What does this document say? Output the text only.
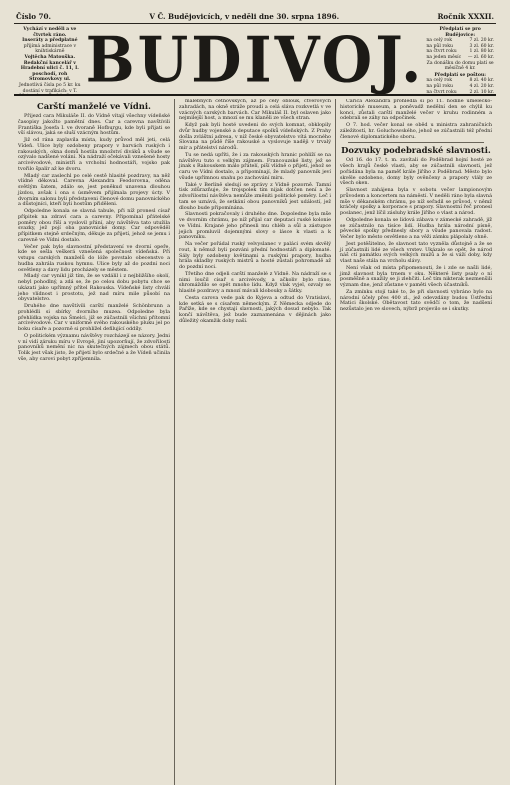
Číslo 70.	V Č. Budějovicích, v neděli dne 30. srpna 1896.	Ročník XXXII.
Vychází v neděli a ve čtvrtek ráno.
Inseráty a předplatné
přijímá administrace v knihtiskárně
Vojtěcha Matouška.
Redakční kancelář v Hradební ulici č. 11, I. poschodí, roh Stromovkovy ul.
Jednotlivá čísla po 5 kr. ku dostání v trafikách: v T. BUDIVOJ.	Předplatí se pro Budějovice:
na celý rok	7 zl. 20 kr.
na půl roku	3 zl. 60 kr.
na čtvrt roku	1 zl. 80 kr.
na jeden měsíc — zl. 60 kr.
Za donášku do domu platí se měsíčně 4 kr.
Předplatí se poštou:
na celý rok	8 zl. 40 kr.
na půl roku	4 zl. 20 kr.
na čtvrt roku	2 zl. 10 kr.
Carští manželé ve Vídni.

Přijezd cara Mikuláše II. do Vídně vítají všechny vídeňské časopisy jakožto pamětní dnes. Car a carevna navštívili Františka Josefa I. ve dvoraně Hofburgu, kde byli přijati se vší slávou, jaká se sluší vzácným hostům.

Již od rána zaplavila místa, kudy průvod měl jeti, celá Vídeň. Ulice byly ozdobeny prapory v barvách ruských i rakouských, okna domů hostila množství diváků a všude se ozývalo nadšené volání. Na nádraží očekávali vznešené hosty arcivévodové, ministři a vrcholní hodnostáři, vojsko pak tvořilo špalír až ke dvoru.

Mladý car zaslechl po celé cestě hlasité pozdravy, na něž vlídně děkoval. Carevna Alexandra Feodorovna, oděna světlým šatem, zdálo se, jest poněkud unavena dlouhou jízdou, avšak i ona s úsměvem přijímala projevy úcty. V dvorním salonu byli představeni členové domu panovnického a důstojníci, kteří byli hostům přiděleni.

Odpoledne konala se slavná tabule, při níž pronesl císař přípitek na zdraví cara a carevny. Připomínal přátelské poměry obou říší a vyslovil přání, aby návštěva tato utužila svazky, jež pojí oba panovnické domy. Car odpověděl přípitkem stejně srdečným, děkuje za přijetí, jehož se jemu i carevně ve Vídni dostalo.

Večer pak bylo slavnostní představení ve dvorní opeře, kde se sešla veškerá vznešená společnost vídeňská. Při vstupu carských manželů do lóže povstalo obecenstvo a hudba zahrála ruskou hymnu. Ulice byly až do pozdní noci osvětleny a davy lidu procházely se městem.

Mladý car vynikl již tím, že se vzdálil i z nejbližšího okolí, nebyl pohodlný, a zdá se, že po celou dobu pobytu chce se ukázati jako upřímný přítel Rakouska. Vídeňské listy chválí jeho vlídnost i prostotu, jež nad míru mile působí na obyvatelstvo.

Druhého dne navštívili carští manželé Schönbrunn a prohlédli si sbírky dvorního muzea. Odpoledne byla přehlídka vojska na Šmelci, jíž se zúčastnili všichni přítomní arcivévodové. Car v uniformě svého rakouského pluku jel po boku císaře a pozorně si prohlížel defilující oddíly.

O politickém významu návštěvy rozcházejí se názory. Jedni v ní vidí záruku míru v Evropě, jiní upozorňují, že zdvořilosti panovníků nemění nic na skutečných zájmech obou států. Tolik jest však jisto, že přijetí bylo srdečné a že Vídeň učinila vše, aby carovi pobyt zpříjemnila.

malebných četnovských, až po celý oblouk, čtverových zahradách, na okně stráže proudí a celá sláva rozkvetlá v ve vzácných carských barvách. Car Mikuláš II. byl oslaven jako nejmilejší host, a mnozí se mu klaněli ze všech stran.

Když pak byli hosté uvedeni do svých komnat, obklopily dvůr hudby vojenské a deputace spolků vídeňských. Z Prahy došla zvláštní adresa, v níž české obyvatelstvo vítá mocného Slovana na půdě říše rakouské a vyslovuje naději v trvalý mír a přátelství národů.

Tu se nedá upříti, že i za rakouských hranic pohlíží se na návštěvu tuto s velkým zájmem. Francouzské listy, jež se jinak s Rakouskem málo přátelí, píší vlídně o přijetí, jehož se caru ve Vídni dostalo, a připomínají, že mladý panovník jeví všude upřímnou snahu po zachování míru.

Také v Berlíně sledují se zprávy z Vídně pozorně. Tamní tisk zdůrazňuje, že trojspolek tím nijak dotčen není a že zdvořilostní návštěva nemůže změniti politické poměry. Leč i tam se uznává, že setkání obou panovníků jest událostí, jež dlouho bude připomínána.

Slavnosti pokračovaly i druhého dne. Dopoledne byla mše ve dvorním chrámu, po níž přijal car deputaci ruské kolonie ve Vídni. Krajané jeho přinesli mu chléb a sůl a zástupce jejich promluvil dojemnými slovy o lásce k vlasti a k panovníku.

Na večer pořádal ruský velvyslanec v paláci svém skvělý rout, k němuž byli pozváni přední hodnostáři a diplomaté. Sály byly ozdobeny květinami a ruskými prapory, hudba hrála skladby ruských mistrů a hosté zůstali pohromadě až do pozdní noci.

Třetího dne odjeli carští manželé z Vídně. Na nádraží se s nimi loučil císař s arcivévody, a ačkoliv bylo ráno, shromáždilo se opět mnoho lidu. Když vlak vyjel, ozvaly se hlasité pozdravy a mnozí mávali klobouky a šátky.

Cesta carova vede pak do Kyjeva a odtud do Vratislavi, kde setká se s císařem německým. Z Německa odjede do Paříže, kde se chystají slavnosti, jakých dosud nebylo. Tak končí návštěva, jež bude zaznamenána v dějinách jako důležitý okamžik doby naší.

Carica Alexandra prohlédla si po 11. hodině umělecko-historické museum, a poněvadž nedělní den se chýlil ku konci, zůstali carští manželé večer v kruhu rodinném a odebrali se záhy na odpočinek.

O 7. hod. večer konal se oběd u ministra zahraničních záležitostí, hr. Goluchowského, jehož se zúčastnili též přední členové diplomatického sboru.

Dozvuky podebradské slavnosti.

Od 16. do 17. t. m. zavítali do Poděbrad hojní hosté ze všech krajů české vlasti, aby se zúčastnili slavnosti, jež pořádána byla na paměť krále Jiřího z Poděbrad. Město bylo skvěle ozdobeno, domy byly ověnčeny a prapory vlály ze všech oken.

Slavnost zahájena byla v sobotu večer lampionovým průvodem a koncertem na náměstí. V neděli ráno byla slavná mše v děkanském chrámu, po níž seřadil se průvod, v němž kráčely spolky a korporace s prapory. Slavnostní řeč pronesl poslanec, jenž líčil zásluhy krále Jiřího o vlast a národ.

Odpoledne konala se lidová zábava v zámecké zahradě, jíž se zúčastnilo na tisíce lidí. Hudba hrála národní písně, pěvecké spolky přednesly sbory a všude panovala radost. Večer bylo město osvětleno a na věži zámku plápolaly ohně.

Jest potěšitelno, že slavnost tato vyzněla důstojně a že se jí zúčastnili lidé ze všech vrstev. Ukázalo se opět, že národ náš ctí památku svých velkých mužů a že si váží doby, kdy vlast naše stála na vrcholu slávy.

Není však od místa připomenouti, že i zde se našli lidé, jimž slavnost byla trnem v oku. Některé listy psaly o ní posměšně a snažily se ji zlehčiti. Leč tím nikterak nezmenšili význam dne, jenž zůstane v paměti všech účastníků.

Za zmínku stojí také to, že při slavnosti vybráno bylo na národní účely přes 400 zl., jež odevzdány budou Ústřední Matici školské. Obětavost tato svědčí o tom, že nadšení nezůstalo jen ve slovech, nýbrž projevilo se i skutky.
